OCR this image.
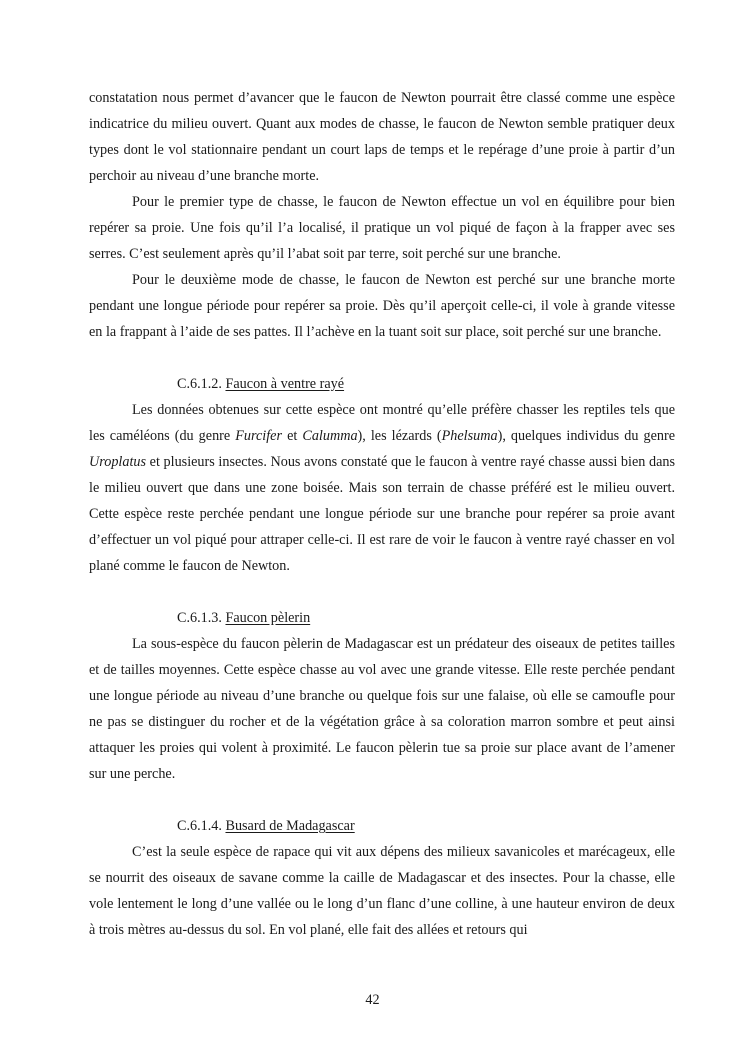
constatation nous permet d’avancer que le faucon de Newton pourrait être classé comme une espèce indicatrice du milieu ouvert. Quant aux modes de chasse, le faucon de Newton semble pratiquer deux types dont le vol stationnaire pendant un court laps de temps et le repérage d’une proie à partir d’un perchoir au niveau d’une branche morte.

Pour le premier type de chasse, le faucon de Newton effectue un vol en équilibre pour bien repérer sa proie. Une fois qu’il l’a localisé, il pratique un vol piqué de façon à la frapper avec ses serres. C’est seulement après qu’il l’abat soit par terre, soit perché sur une branche.

Pour le deuxième mode de chasse, le faucon de Newton est perché sur une branche morte pendant une longue période pour repérer sa proie. Dès qu’il aperçoit celle-ci, il vole à grande vitesse en la frappant à l’aide de ses pattes. Il l’achève en la tuant soit sur place, soit perché sur une branche.

C.6.1.2. Faucon à ventre rayé

Les données obtenues sur cette espèce ont montré qu’elle préfère chasser les reptiles tels que les caméléons (du genre Furcifer et Calumma), les lézards (Phelsuma), quelques individus du genre Uroplatus et plusieurs insectes. Nous avons constaté que le faucon à ventre rayé chasse aussi bien dans le milieu ouvert que dans une zone boisée. Mais son terrain de chasse préféré est le milieu ouvert. Cette espèce reste perchée pendant une longue période sur une branche pour repérer sa proie avant d’effectuer un vol piqué pour attraper celle-ci. Il est rare de voir le faucon à ventre rayé chasser en vol plané comme le faucon de Newton.

C.6.1.3. Faucon pèlerin

La sous-espèce du faucon pèlerin de Madagascar est un prédateur des oiseaux de petites tailles et de tailles moyennes. Cette espèce chasse au vol avec une grande vitesse. Elle reste perchée pendant une longue période au niveau d’une branche ou quelque fois sur une falaise, où elle se camoufle pour ne pas se distinguer du rocher et de la végétation grâce à sa coloration marron sombre et peut ainsi attaquer les proies qui volent à proximité. Le faucon pèlerin tue sa proie sur place avant de l’amener sur une perche.

C.6.1.4. Busard de Madagascar

C’est la seule espèce de rapace qui vit aux dépens des milieux savanicoles et marécageux, elle se nourrit des oiseaux de savane comme la caille de Madagascar et des insectes. Pour la chasse, elle vole lentement le long d’une vallée ou le long d’un flanc d’une colline, à une hauteur environ de deux à trois mètres au-dessus du sol. En vol plané, elle fait des allées et retours qui

42
